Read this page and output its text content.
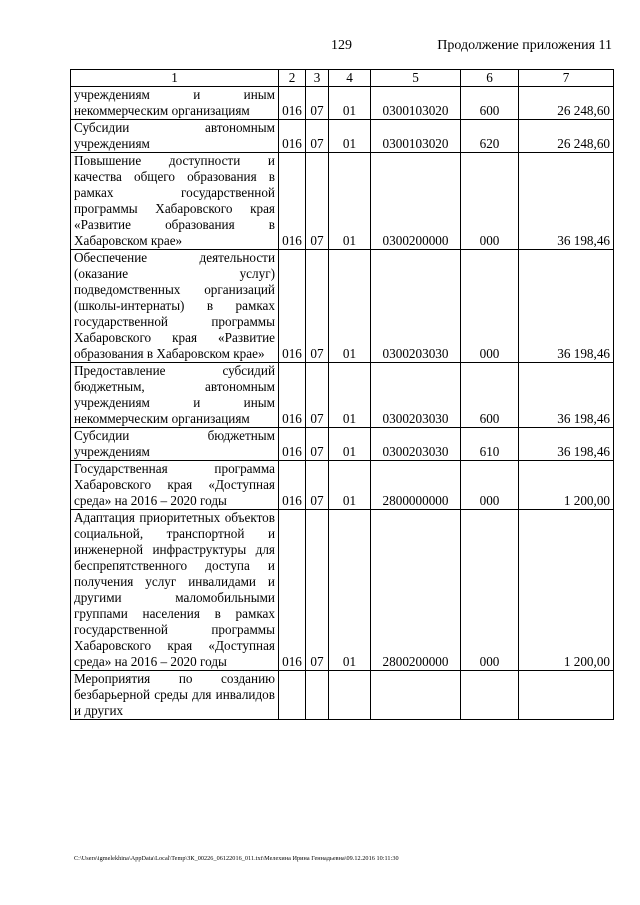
129	Продолжение приложения 11
1	2	3	4	5	6	7
учреждениям и иным некоммерческим организациям	016	07	01	0300103020	600	26 248,60
Субсидии автономным учреждениям	016	07	01	0300103020	620	26 248,60
Повышение доступности и качества общего образования в рамках государственной программы Хабаровского края «Развитие образования в Хабаровском крае»	016	07	01	0300200000	000	36 198,46
Обеспечение деятельности (оказание услуг) подведомственных организаций (школы-интернаты) в рамках государственной программы Хабаровского края «Развитие образования в Хабаровском крае»	016	07	01	0300203030	000	36 198,46
Предоставление субсидий бюджетным, автономным учреждениям и иным некоммерческим организациям	016	07	01	0300203030	600	36 198,46
Субсидии бюджетным учреждениям	016	07	01	0300203030	610	36 198,46
Государственная программа Хабаровского края «Доступная среда» на 2016 – 2020 годы	016	07	01	2800000000	000	1 200,00
Адаптация приоритетных объектов социальной, транспортной и инженерной инфраструктуры для беспрепятственного доступа и получения услуг инвалидами и другими маломобильными группами населения в рамках государственной программы Хабаровского края «Доступная среда» на 2016 – 2020 годы	016	07	01	2800200000	000	1 200,00
Мероприятия по созданию безбарьерной среды для инвалидов и других						
C:\Users\igmelekhina\AppData\Local\Temp\ЗК_00226_06122016_011.txt\Мелехина Ирина Геннадьевна\09.12.2016 10:11:30
